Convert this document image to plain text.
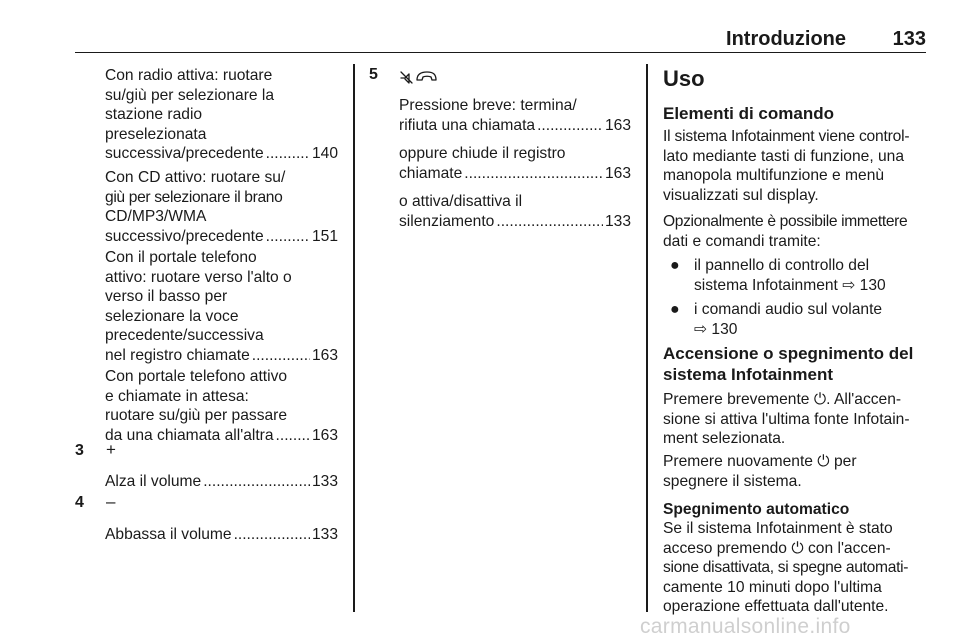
Introduzione 133
Con radio attiva: ruotare
su/giù per selezionare la
stazione radio
preselezionata
successiva/precedente .....	140
Con CD attivo: ruotare su/
giù per selezionare il brano
CD/MP3/WMA
successivo/precedente .....	151
Con il portale telefono
attivo: ruotare verso l'alto o
verso il basso per
selezionare la voce
precedente/successiva
nel registro chiamate .....	163
Con portale telefono attivo
e chiamate in attesa:
ruotare su/giù per passare
da una chiamata all'altra ..... 163
3 +
Alza il volume .....	133
4 –
Abbassa il volume .....	133
5
Pressione breve: termina/
rifiuta una chiamata .....	163
oppure chiude il registro
chiamate .....	163
o attiva/disattiva il
silenziamento .....	133
Uso
Elementi di comando
Il sistema Infotainment viene control-
lato mediante tasti di funzione, una
manopola multifunzione e menù
visualizzati sul display.
Opzionalmente è possibile immettere
dati e comandi tramite:
● il pannello di controllo del
sistema Infotainment ⇨ 130
● i comandi audio sul volante
⇨ 130
Accensione o spegnimento del
sistema Infotainment
Premere brevemente ⏻. All'accen-
sione si attiva l'ultima fonte Infotain-
ment selezionata.
Premere nuovamente ⏻ per
spegnere il sistema.
Spegnimento automatico
Se il sistema Infotainment è stato
acceso premendo ⏻ con l'accen-
sione disattivata, si spegne automati-
camente 10 minuti dopo l'ultima
operazione effettuata dall'utente.
carmanualsonline.info
